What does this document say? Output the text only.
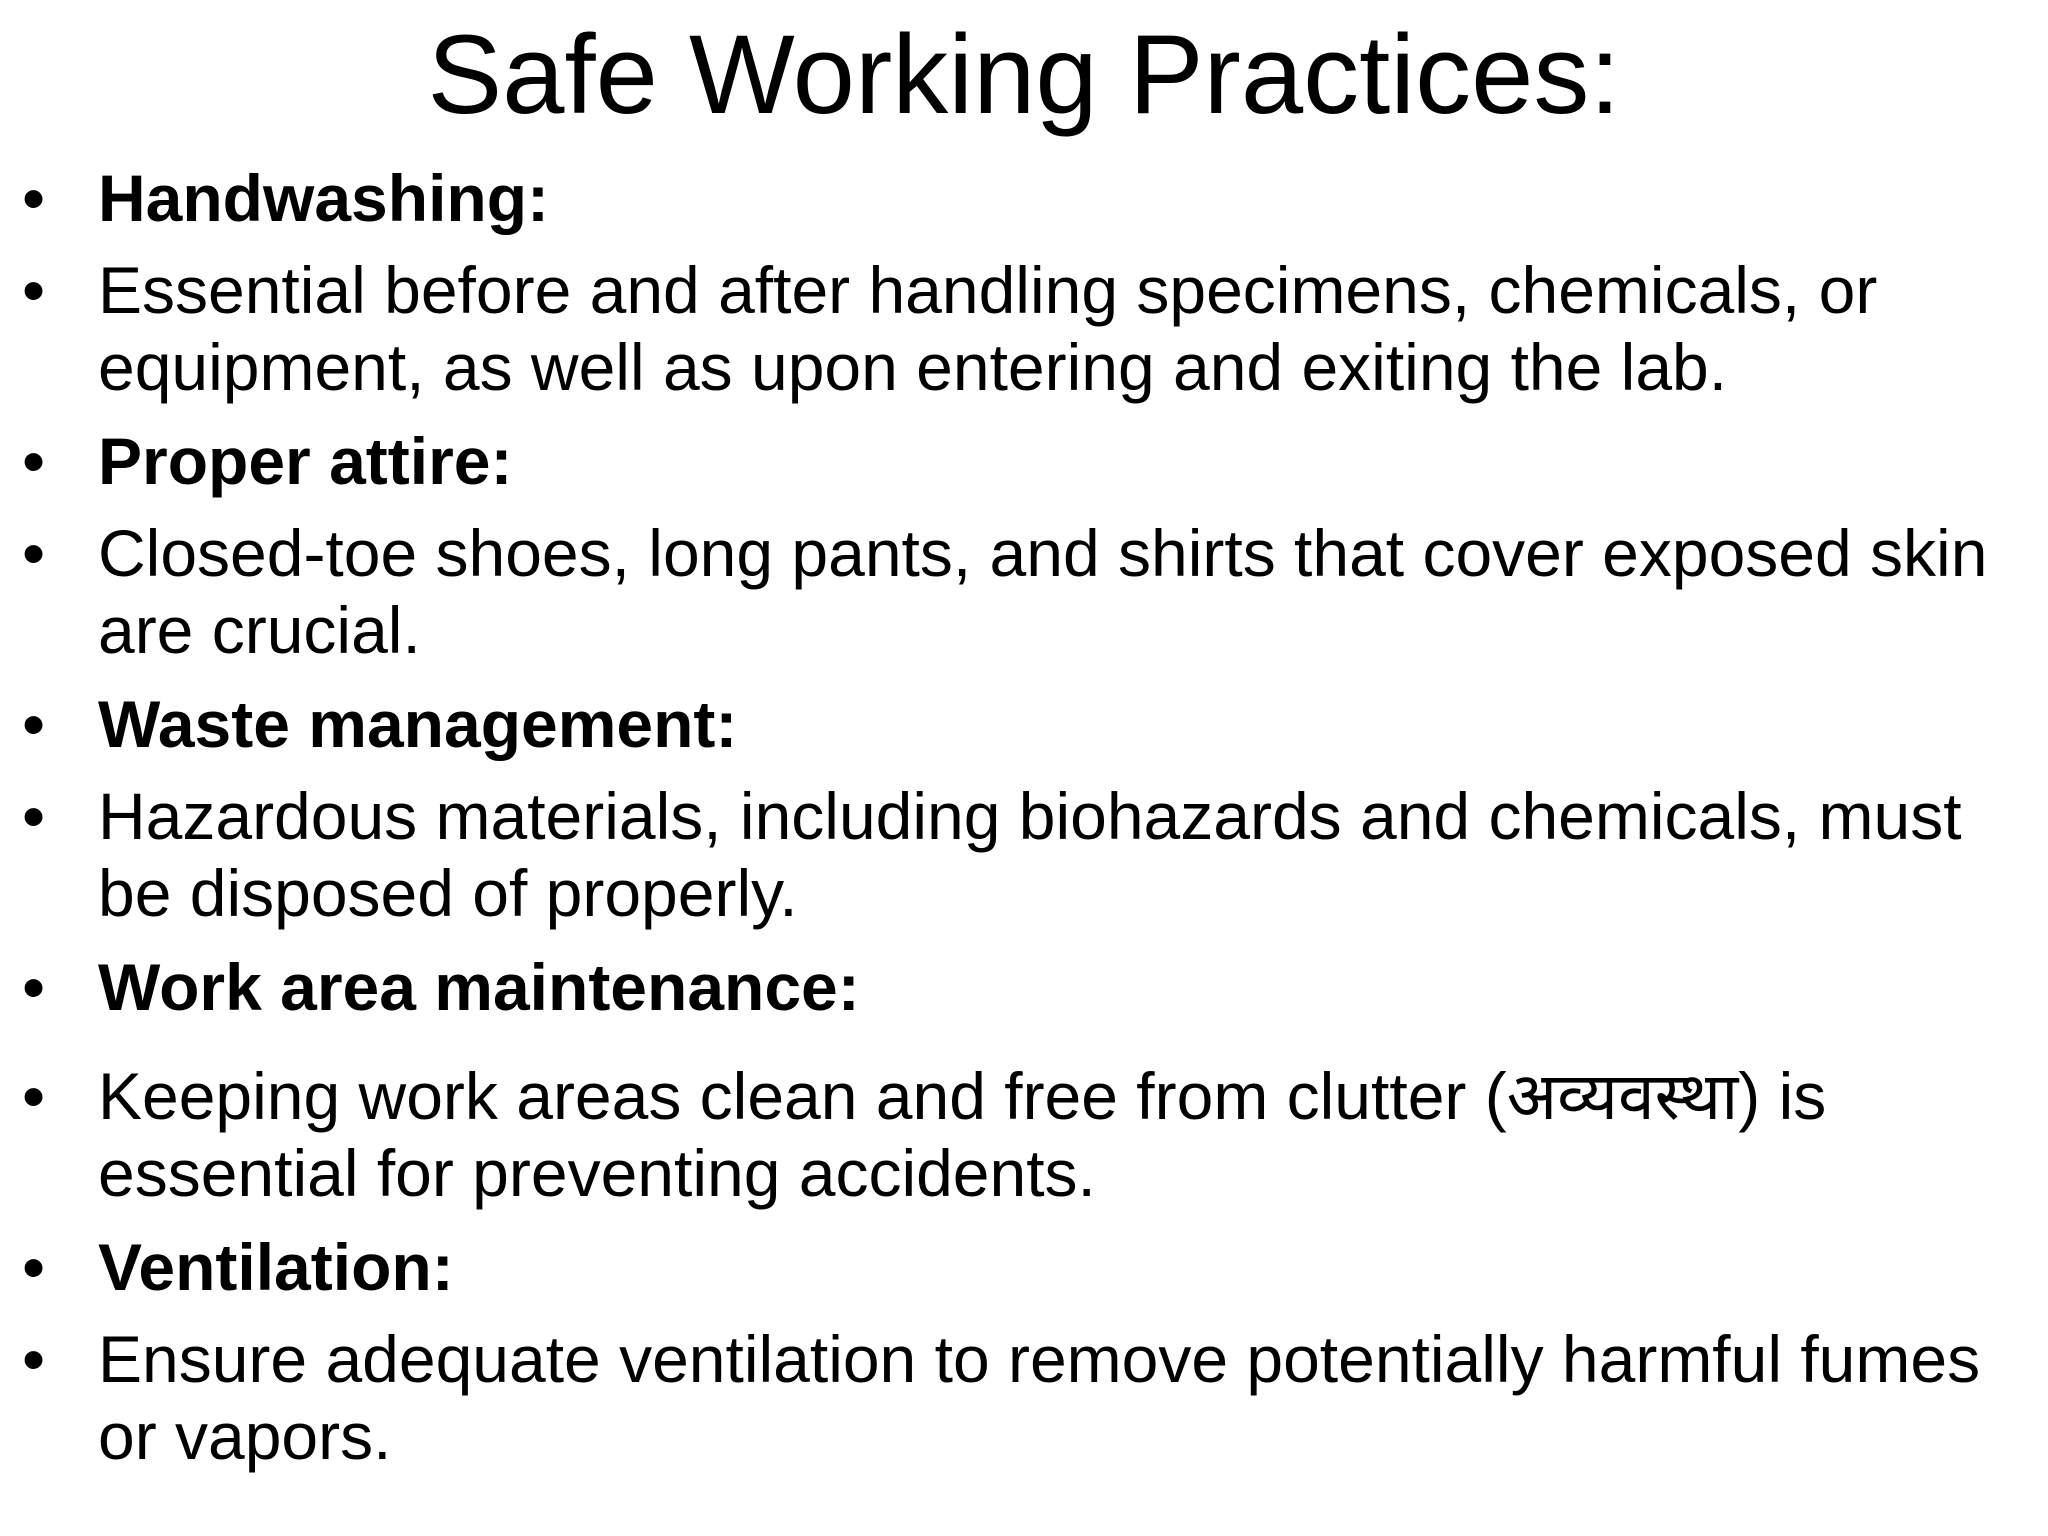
Safe Working Practices:
• Handwashing:
• Essential before and after handling specimens, chemicals, or equipment, as well as upon entering and exiting the lab.
• Proper attire:
• Closed-toe shoes, long pants, and shirts that cover exposed skin are crucial.
• Waste management:
• Hazardous materials, including biohazards and chemicals, must be disposed of properly.
• Work area maintenance:
• Keeping work areas clean and free from clutter (अव्यवस्था) is essential for preventing accidents.
• Ventilation:
• Ensure adequate ventilation to remove potentially harmful fumes or vapors.
